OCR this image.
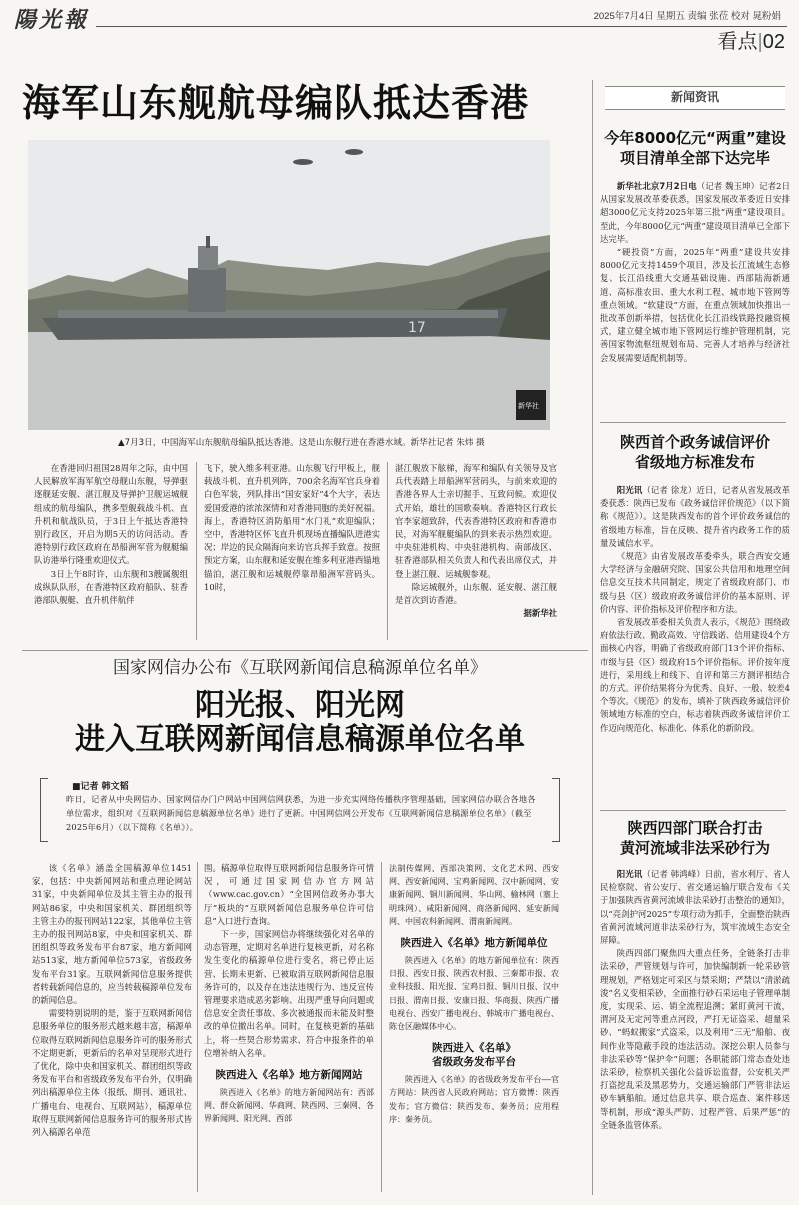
陽光報	2025年7月4日 星期五 责编 张莅 校对 晁粉娟
看点|02
海军山东舰航母编队抵达香港
17
新华社
▲7月3日，中国海军山东舰航母编队抵达香港。这是山东舰行进在香港水域。新华社记者 朱炜 摄

在香港回归祖国28周年之际，由中国人民解放军海军航空母舰山东舰，导弹驱逐舰延安舰、湛江舰及导弹护卫舰运城舰组成的航母编队，携多型舰载战斗机、直升机和航战队员，于3日上午抵达香港特别行政区，开启为期5天的访问活动。香港特别行政区政府在昂船洲军营为舰艇编队访港举行隆重欢迎仪式。

3日上午8时许，山东舰和3艘属舰组成纵队队形，在香港特区政府船队、驻香港部队舰艇、直升机伴航伴

飞下，驶入维多利亚港。山东舰飞行甲板上，舰载战斗机、直升机列阵，700余名海军官兵身着白色军装，列队排出“国安家好”4个大字，表达爱国爱港的浓浓深情和对香港同胞的美好祝福。海上，香港特区消防船用“水门礼”欢迎编队；空中，香港特区怀飞直升机现场直播编队进港实况；岸边的民众隔海向来访官兵挥手致意。按照预定方案，山东舰和延安舰在维多利亚港西锚地锚泊，湛江舰和运城舰停靠昂船洲军营码头。10时，

湛江舰放下舷梯，海军和编队有关领导及官兵代表踏上昂船洲军营码头，与前来欢迎的香港各界人士亲切握手、互致问候。欢迎仪式开始，雄壮的国歌奏响。香港特区行政长官李家超致辞，代表香港特区政府和香港市民，对海军舰艇编队的到来表示热烈欢迎。中央驻港机构、中央驻港机构、南部战区、驻香港部队相关负责人和代表出席仪式，并登上湛江舰、运城舰参观。

除运城舰外，山东舰、延安舰、湛江舰是首次到访香港。

据新华社
国家网信办公布《互联网新闻信息稿源单位名单》
阳光报、阳光网
进入互联网新闻信息稿源单位名单
昨日，记者从中央网信办、国家网信办门户网站中国网信网获悉，为进一步充实网络传播秩序管理基础，国家网信办联合各地各单位需求，组织对《互联网新闻信息稿源单位名单》进行了更新。中国网信网公开发布《互联网新闻信息稿源单位名单》（截至2025年6月）（以下简称《名单》）。
■记者 韩文韬

该《名单》涵盖全国稿源单位1451家，包括：中央新闻网站和重点理论网站31家，中央新闻单位及其主管主办的报刊网站86家，中央和国家机关、群团组织等主管主办的报刊网站122家，其他单位主管主办的报刊网站8家，中央和国家机关、群团组织等政务发布平台87家，地方新闻网站513家，地方新闻单位573家，省级政务发布平台31家。互联网新闻信息服务提供者转载新闻信息的，应当转载稿源单位发布的新闻信息。

需要特别说明的是，鉴于互联网新闻信息服务单位的服务形式越来越丰富，稿源单位取得互联网新闻信息服务许可的服务形式不定期更新，更新后的名单对呈现形式进行了优化，除中央和国家机关、群团组织等政务发布平台和省级政务发布平台外，仅明确列出稿源单位主体（报纸、期刊、通讯社、广播电台、电视台、互联网站），稿源单位取得互联网新闻信息服务许可的服务形式皆列入稿源名单范

围。稿源单位取得互联网新闻信息服务许可情况，可通过国家网信办官方网站（www.cac.gov.cn）“全国网信政务办事大厅”板块的“互联网新闻信息服务单位许可信息”入口进行查询。

下一步，国家网信办将继续强化对名单的动态管理，定期对名单进行复核更新，对名称发生变化的稿源单位进行变名，将已停止运营、长期未更新、已被取消互联网新闻信息服务许可的，以及存在违法违规行为、违反宣传管理要求造成恶劣影响、出现严重导向问题或信息安全责任事故、多次被通报而未能及时整改的单位撤出名单。同时，在复核更新的基础上，将一些契合形势需求、符合申报条件的单位增补纳入名单。

陕西进入《名单》地方新闻网站

陕西进入《名单》的地方新闻网站有：西部网、群众新闻网、华商网、陕西网、三秦网、各界新闻网、阳光网、西部

法制传媒网、西部决策网、文化艺术网、西安网、西安新闻网、宝鸡新闻网、汉中新闻网、安康新闻网、铜川新闻网、华山网、榆林网（塞上明珠网）、咸阳新闻网、商洛新闻网、延安新闻网、中国农科新闻网、渭南新闻网。

陕西进入《名单》地方新闻单位

陕西进入《名单》的地方新闻单位有：陕西日报、西安日报、陕西农村报、三秦都市报、农业科技报、阳光报、宝鸡日报、铜川日报、汉中日报、渭南日报、安康日报、华商报、陕西广播电视台、西安广播电视台、韩城市广播电视台、陈仓区融媒体中心。

陕西进入《名单》
省级政务发布平台

陕西进入《名单》的省级政务发布平台——官方网站：陕西省人民政府网站；官方微博：陕西发布；官方微信：陕西发布、秦务员；应用程序：秦务员。

新闻资讯
今年8000亿元“两重”建设
项目清单全部下达完毕

新华社北京7月2日电（记者 魏玉坤）记者2日从国家发展改革委获悉，国家发展改革委近日安排超3000亿元支持2025年第三批“两重”建设项目。至此，今年8000亿元“两重”建设项目清单已全部下达完毕。

“硬投资”方面，2025年“两重”建设共安排8000亿元支持1459个项目，涉及长江流域生态修复、长江沿线重大交通基础设施、西部陆海新通道、高标准农田、重大水利工程、城市地下管网等重点领域。“软建设”方面，在重点领域加快推出一批改革创新举措，包括优化长江沿线铁路投融资模式，建立健全城市地下管网运行维护管理机制，完善国家物流枢纽规划布局、完善人才培养与经济社会发展需要适配机制等。

陕西首个政务诚信评价
省级地方标准发布

阳光讯（记者 徐龙）近日，记者从省发展改革委获悉：陕西已发布《政务诚信评价规范》（以下简称《规范》）。这是陕西发布的首个评价政务诚信的省级地方标准，旨在反映、提升省内政务工作的质量及诚信水平。

《规范》由省发展改革委牵头，联合西安交通大学经济与金融研究院、国家公共信用和地理空间信息交互技术共同制定，规定了省级政府部门、市级与县（区）级政府政务诚信评价的基本原则、评价内容、评价指标及评价程序和方法。

省发展改革委相关负责人表示，《规范》围绕政府依法行政、勤政高效、守信践诺、信用建设4个方面核心内容，明确了省级政府部门13个评价指标、市级与县（区）级政府15个评价指标。评价按年度进行，采用线上和线下、自评和第三方测评相结合的方式。评价结果将分为优秀、良好、一般、较差4个等次。《规范》的发布，填补了陕西政务诚信评价领域地方标准的空白，标志着陕西政务诚信评价工作迈向规范化、标准化、体系化的新阶段。

陕西四部门联合打击
黄河流域非法采砂行为

阳光讯（记者 韩鸿峰）日前，省水利厅、省人民检察院、省公安厅、省交通运输厅联合发布《关于加强陕西省黄河流域非法采砂打击整治的通知》，以“亮剑护河2025”专项行动为抓手，全面整治陕西省黄河流域河道非法采砂行为，筑牢流域生态安全屏障。

陕西四部门聚焦四大重点任务，全链条打击非法采砂，严管规划与许可，加快编制新一轮采砂管理规划，严格划定可采区与禁采期；严禁以“清淤疏浚”名义变相采砂，全面推行砂石采运电子管理单制度，实现采、运、销全流程追溯；紧盯黄河干流，渭河及无定河等重点河段，严打无证盗采、超量采砂、“蚂蚁搬家”式盗采，以及利用“三无”船舶、夜间作业等隐蔽手段的违法活动。深挖公职人员参与非法采砂等“保护伞”问题；各职能部门常态查处违法采砂，检察机关强化公益诉讼监督，公安机关严打盗挖乱采及黑恶势力，交通运输部门严管非法运砂车辆船舶。通过信息共享、联合巡查、案件移送等机制，形成“源头严防、过程严管、后果严惩”的全链条监管体系。
